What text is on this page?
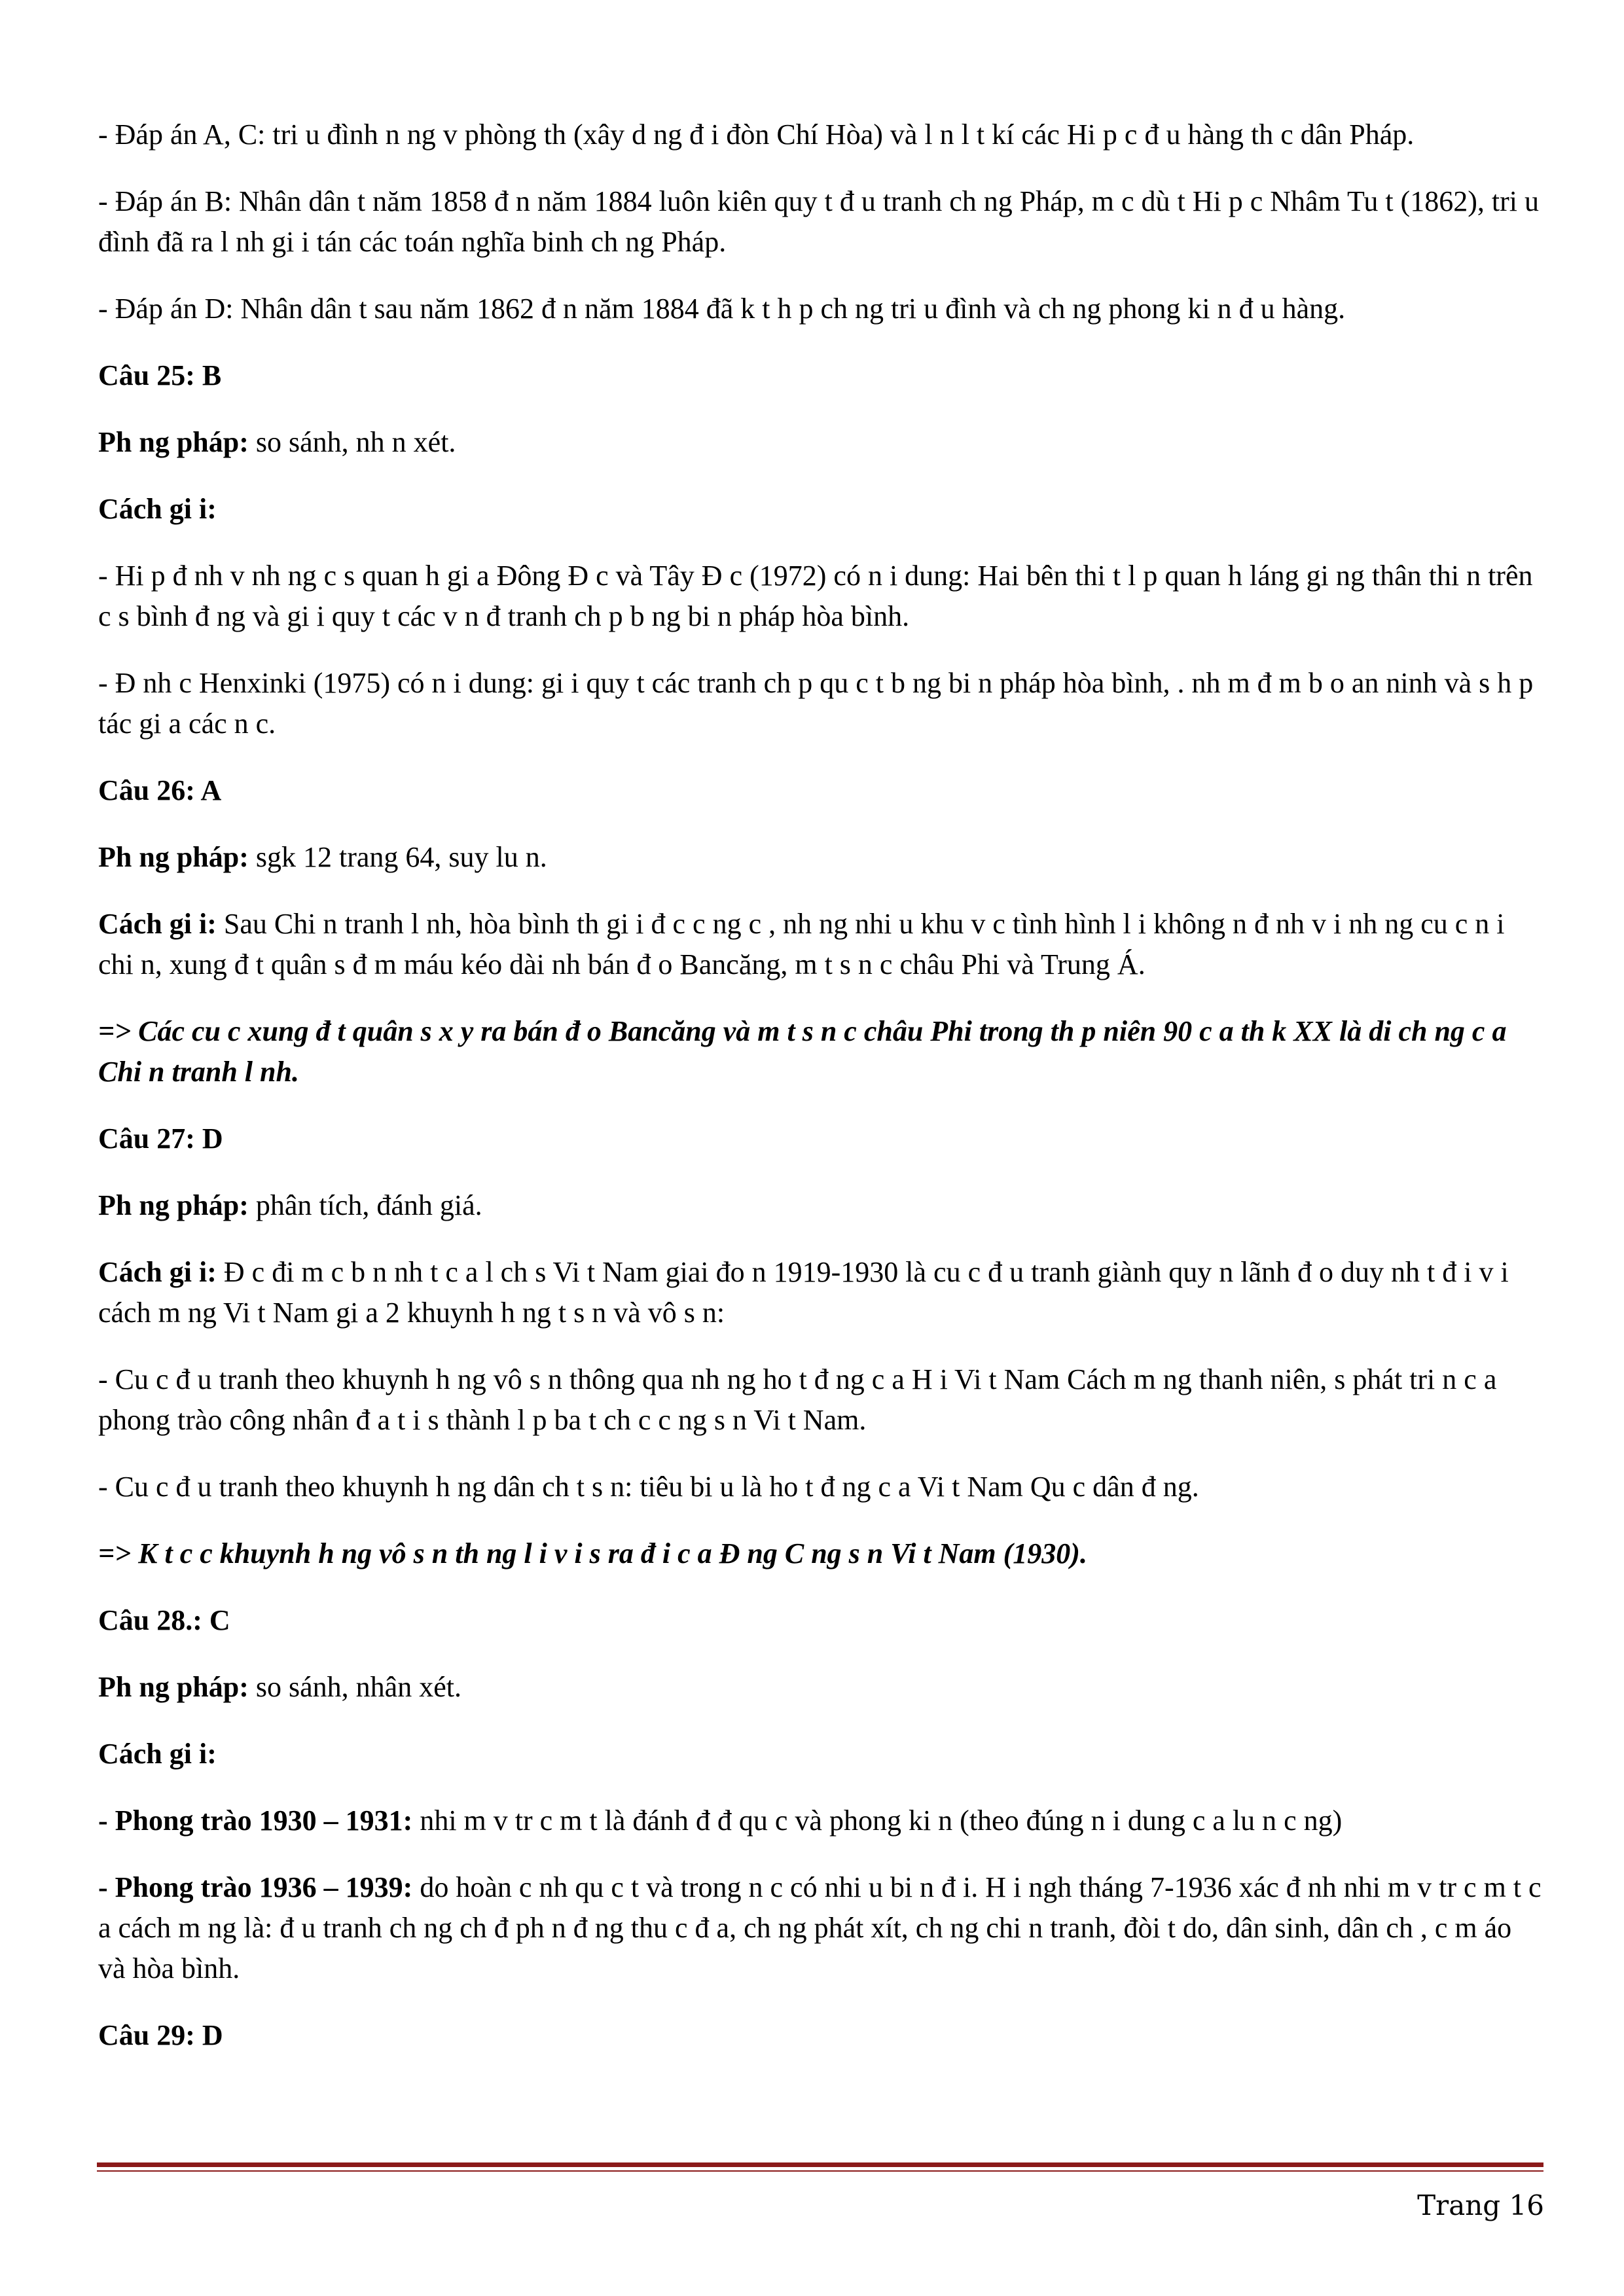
- Đáp án A, C: tri u đình n ng v phòng th (xây d ng đ i đòn Chí Hòa) và l n l t kí các Hi p c đ u hàng th c dân Pháp.

- Đáp án B: Nhân dân t năm 1858 đ n năm 1884 luôn kiên quy t đ u tranh ch ng Pháp, m c dù t Hi p c Nhâm Tu t (1862), tri u đình đã ra l nh gi i tán các toán nghĩa binh ch ng Pháp.

- Đáp án D: Nhân dân t sau năm 1862 đ n năm 1884 đã k t h p ch ng tri u đình và ch ng phong ki n đ u hàng.

Câu 25: B

Ph ng pháp: so sánh, nh n xét.

Cách gi i:

- Hi p đ nh v nh ng c s quan h gi a Đông Đ c và Tây Đ c (1972) có n i dung: Hai bên thi t l p quan h láng gi ng thân thi n trên c s bình đ ng và gi i quy t các v n đ tranh ch p b ng bi n pháp hòa bình.

- Đ nh c Henxinki (1975) có n i dung: gi i quy t các tranh ch p qu c t b ng bi n pháp hòa bình, . nh m đ m b o an ninh và s h p tác gi a các n c.

Câu 26: A

Ph ng pháp: sgk 12 trang 64, suy lu n.

Cách gi i: Sau Chi n tranh l nh, hòa bình th gi i đ c c ng c , nh ng nhi u khu v c tình hình l i không n đ nh v i nh ng cu c n i chi n, xung đ t quân s đ m máu kéo dài nh bán đ o Bancăng, m t s n c châu Phi và Trung Á.

=> Các cu c xung đ t quân s x y ra bán đ o Bancăng và m t s n c châu Phi trong th p niên 90 c a th k XX là di ch ng c a Chi n tranh l nh.

Câu 27: D

Ph ng pháp: phân tích, đánh giá.

Cách gi i: Đ c đi m c b n nh t c a l ch s Vi t Nam giai đo n 1919-1930 là cu c đ u tranh giành quy n lãnh đ o duy nh t đ i v i cách m ng Vi t Nam gi a 2 khuynh h ng t s n và vô s n:

- Cu c đ u tranh theo khuynh h ng vô s n thông qua nh ng ho t đ ng c a H i Vi t Nam Cách m ng thanh niên, s phát tri n c a phong trào công nhân đ a t i s thành l p ba t ch c c ng s n Vi t Nam.

- Cu c đ u tranh theo khuynh h ng dân ch t s n: tiêu bi u là ho t đ ng c a Vi t Nam Qu c dân đ ng.

=> K t c c khuynh h ng vô s n th ng l i v i s ra đ i c a Đ ng C ng s n Vi t Nam (1930).

Câu 28.: C

Ph ng pháp: so sánh, nhân xét.

Cách gi i:

- Phong trào 1930 – 1931: nhi m v tr c m t là đánh đ đ qu c và phong ki n (theo đúng n i dung c a lu n c ng)

- Phong trào 1936 – 1939: do hoàn c nh qu c t và trong n c có nhi u bi n đ i. H i ngh tháng 7-1936 xác đ nh nhi m v tr c m t c a cách m ng là: đ u tranh ch ng ch đ ph n đ ng thu c đ a, ch ng phát xít, ch ng chi n tranh, đòi t do, dân sinh, dân ch , c m áo và hòa bình.

Câu 29: D

Trang 16
